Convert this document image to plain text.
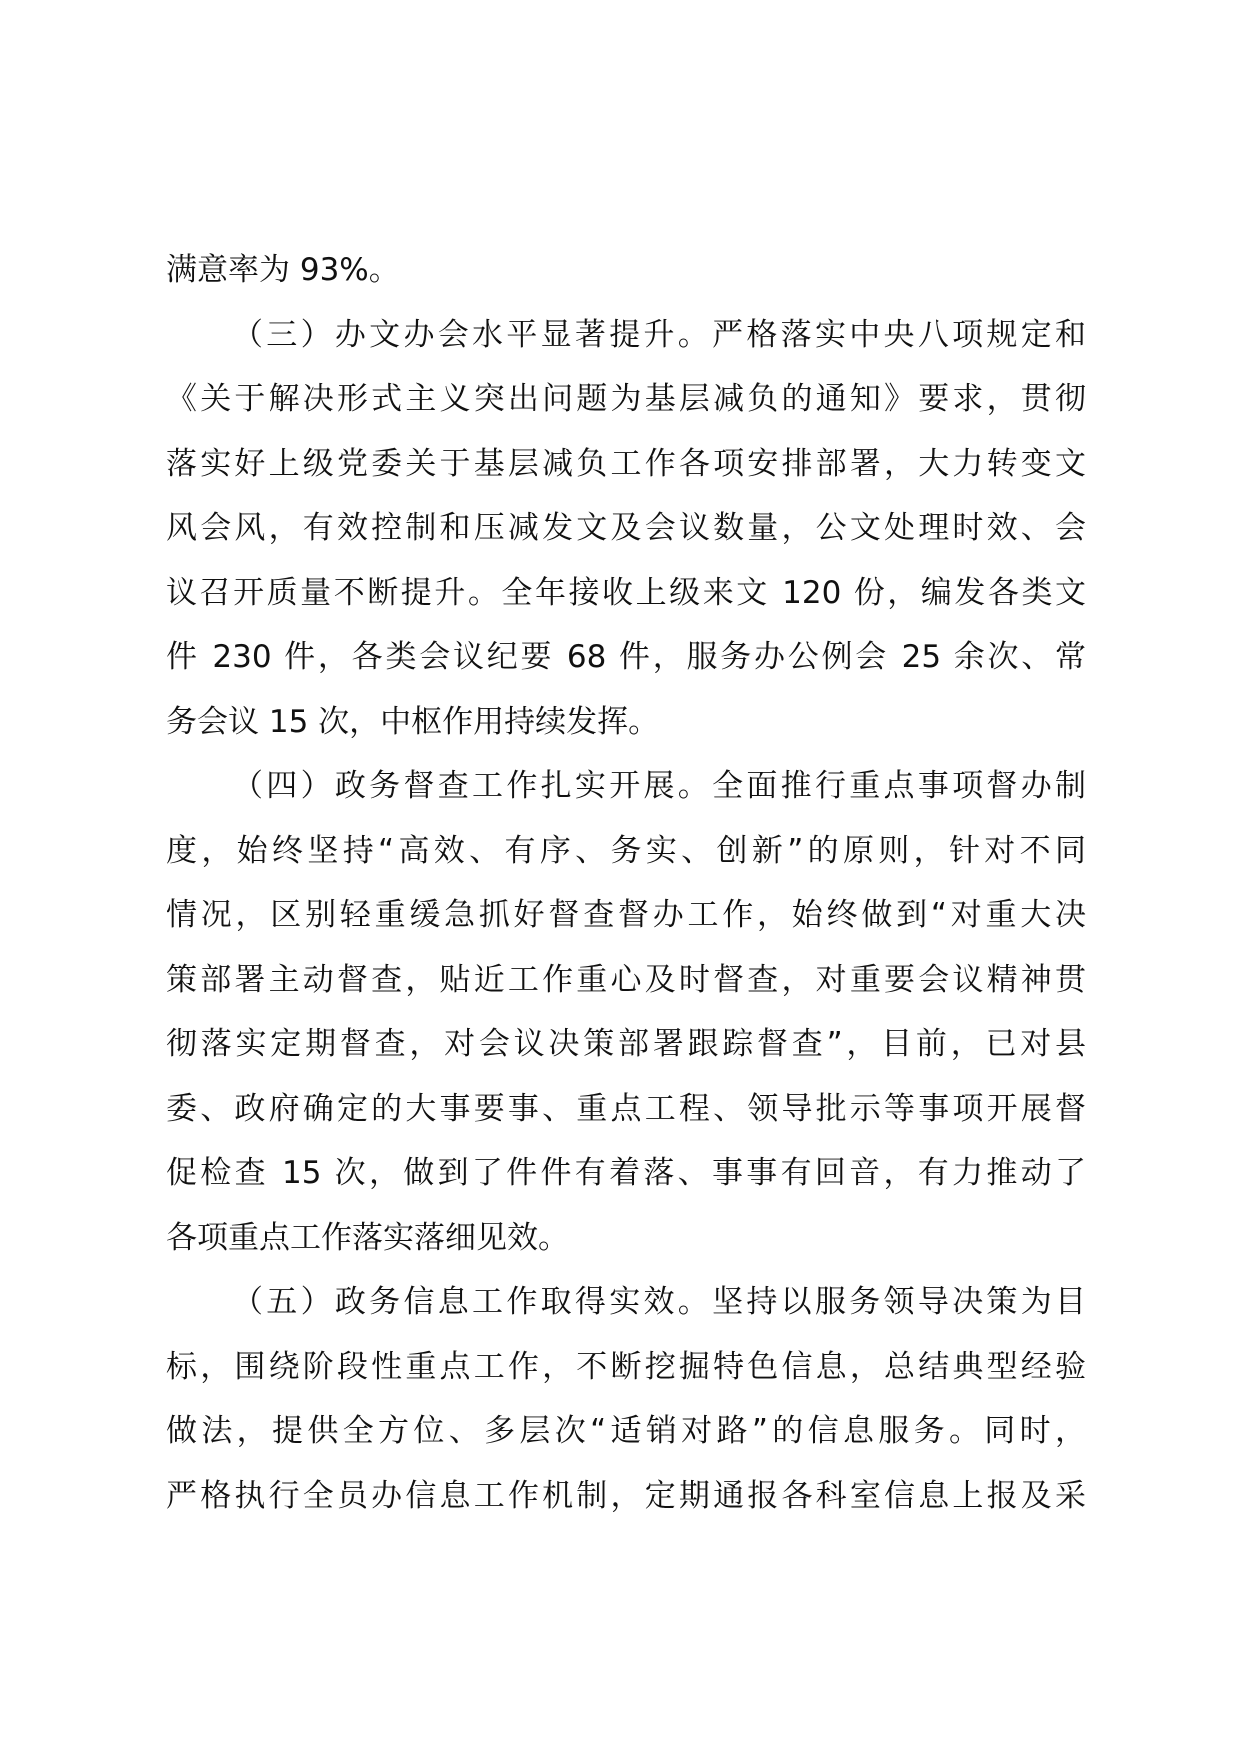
满意率为 93%。
（三）办文办会水平显著提升。严格落实中央八项规定和
《关于解决形式主义突出问题为基层减负的通知》要求，贯彻
落实好上级党委关于基层减负工作各项安排部署，大力转变文
风会风，有效控制和压减发文及会议数量，公文处理时效、会
议召开质量不断提升。全年接收上级来文 120 份，编发各类文
件 230 件，各类会议纪要 68 件，服务办公例会 25 余次、常
务会议 15 次，中枢作用持续发挥。
（四）政务督查工作扎实开展。全面推行重点事项督办制
度，始终坚持“高效、有序、务实、创新”的原则，针对不同
情况，区别轻重缓急抓好督查督办工作，始终做到“对重大决
策部署主动督查，贴近工作重心及时督查，对重要会议精神贯
彻落实定期督查，对会议决策部署跟踪督查”，目前，已对县
委、政府确定的大事要事、重点工程、领导批示等事项开展督
促检查 15 次，做到了件件有着落、事事有回音，有力推动了
各项重点工作落实落细见效。
（五）政务信息工作取得实效。坚持以服务领导决策为目
标，围绕阶段性重点工作，不断挖掘特色信息，总结典型经验
做法，提供全方位、多层次“适销对路”的信息服务。同时，
严格执行全员办信息工作机制，定期通报各科室信息上报及采
